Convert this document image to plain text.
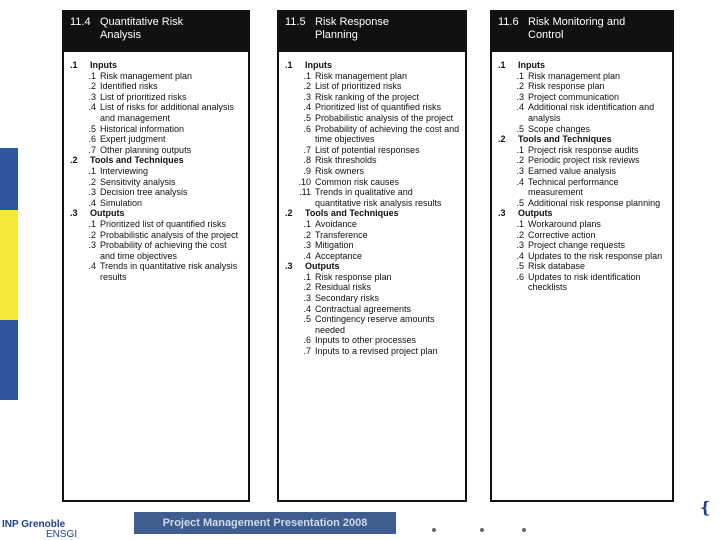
11.4 Quantitative Risk Analysis
.1	Inputs
.1 Risk management plan
.2 Identified risks
.3 List of prioritized risks
.4 List of risks for additional analysis and management
.5 Historical information
.6 Expert judgment
.7 Other planning outputs
.2	Tools and Techniques
.1 Interviewing
.2 Sensitivity analysis
.3 Decision tree analysis
.4 Simulation
.3	Outputs
.1 Prioritized list of quantified risks
.2 Probabilistic analysis of the project
.3 Probability of achieving the cost and time objectives
.4 Trends in quantitative risk analysis results
11.5 Risk Response Planning
.1	Inputs
.1 Risk management plan
.2 List of prioritized risks
.3 Risk ranking of the project
.4 Prioritized list of quantified risks
.5 Probabilistic analysis of the project
.6 Probability of achieving the cost and time objectives
.7 List of potential responses
.8 Risk thresholds
.9 Risk owners
.10 Common risk causes
.11 Trends in qualitative and quantitative risk analysis results
.2	Tools and Techniques
.1 Avoidance
.2 Transference
.3 Mitigation
.4 Acceptance
.3	Outputs
.1 Risk response plan
.2 Residual risks
.3 Secondary risks
.4 Contractual agreements
.5 Contingency reserve amounts needed
.6 Inputs to other processes
.7 Inputs to a revised project plan
11.6 Risk Monitoring and Control
.1	Inputs
.1 Risk management plan
.2 Risk response plan
.3 Project communication
.4 Additional risk identification and analysis
.5 Scope changes
.2	Tools and Techniques
.1 Project risk response audits
.2 Periodic project risk reviews
.3 Earned value analysis
.4 Technical performance measurement
.5 Additional risk response planning
.3	Outputs
.1 Workaround plans
.2 Corrective action
.3 Project change requests
.4 Updates to the risk response plan
.5 Risk database
.6 Updates to risk identification checklists
INP Grenoble
ENSGI
Project Management Presentation 2008
❴
